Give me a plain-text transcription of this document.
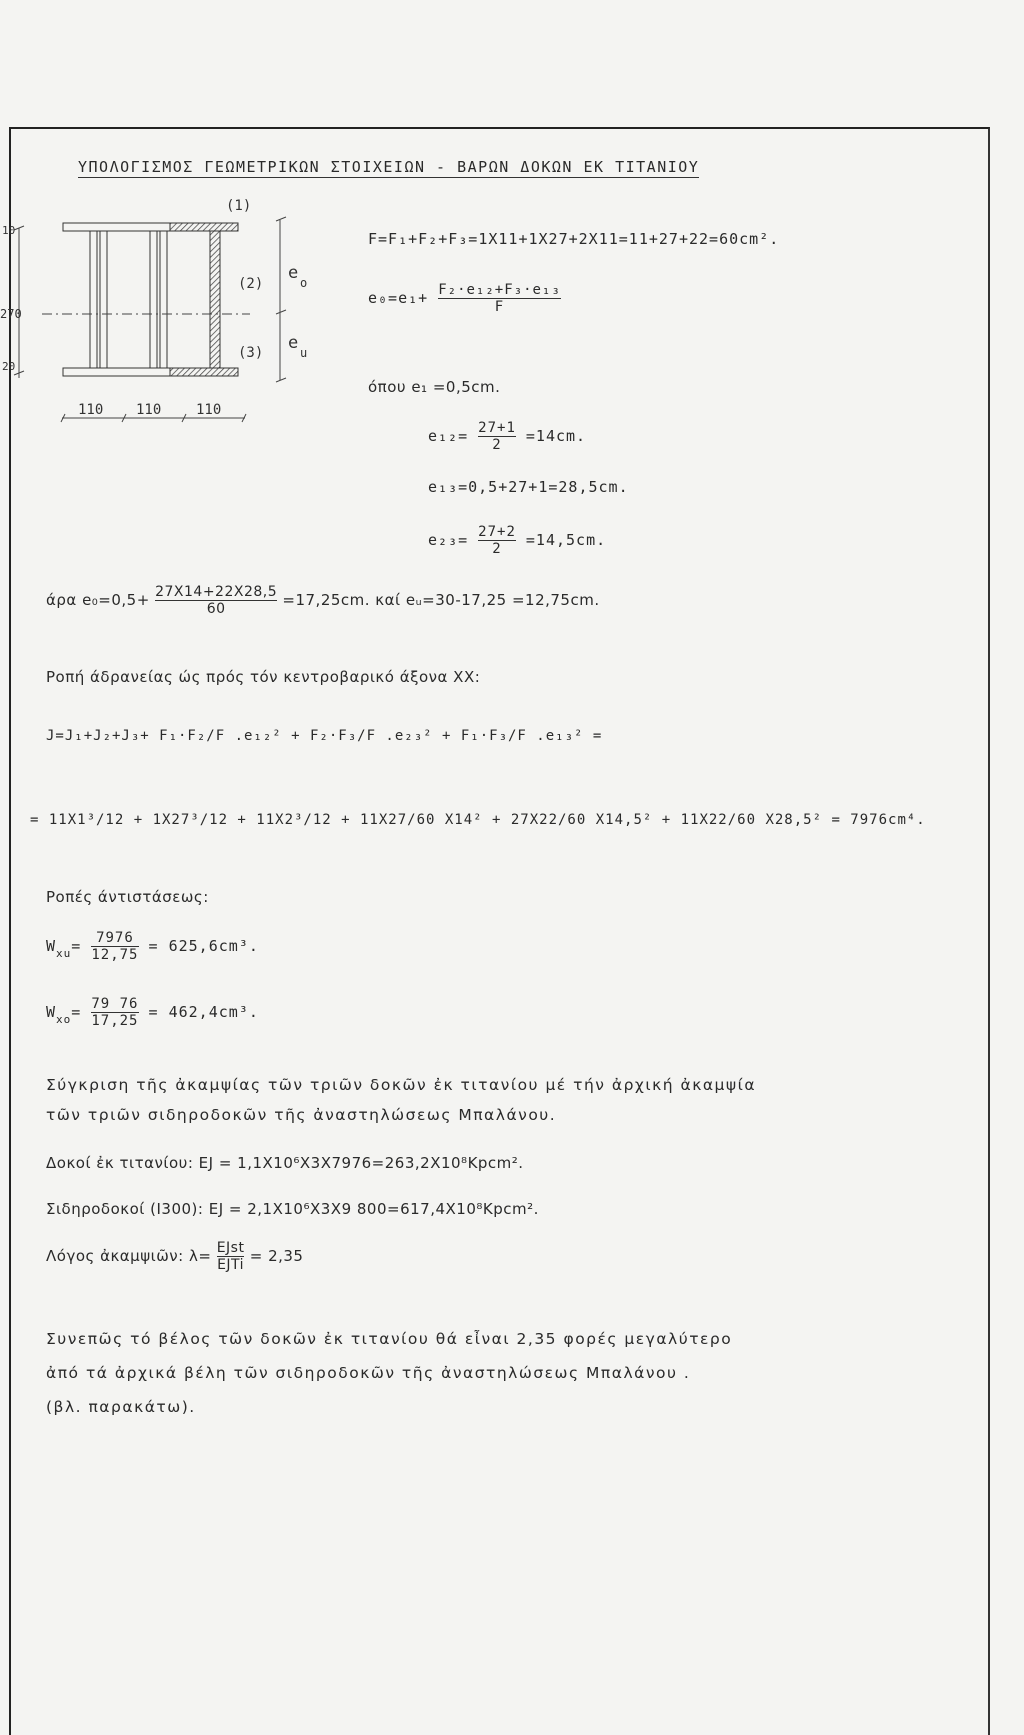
ΥΠΟΛΟΓΙΣΜΟΣ ΓΕΩΜΕΤΡΙΚΩΝ ΣΤΟΙΧΕΙΩΝ - ΒΑΡΩΝ ΔΟΚΩΝ ΕΚ ΤΙΤΑΝΙΟΥ
10
270
20
(1)
(2)
(3)
e o
e u
110 110 110
F=F₁+F₂+F₃=1X11+1X27+2X11=11+27+22=60cm².
$e_0=e_1+ \frac{\text{F₂·e₁₂+F₃·e₁₃}}{F}$
όπου e₁ =0,5cm.
$e_{12}= \frac{27+1}{2} =14cm$.
e₁₃=0,5+27+1=28,5cm.
$e_{23}= \frac{27+2}{2} =14,5cm$.
άρα $e_0=0,5+ \frac{27X14+22X28,5}{60} =17,25cm$. καί eᵤ=30-17,25 =12,75cm.
Ροπή άδρανείας ώς πρός τόν κεντροβαρικό άξονα ΧΧ:
J=J₁+J₂+J₃+ F₁·F₂/F .e₁₂² + F₂·F₃/F .e₂₃² + F₁·F₃/F .e₁₃² =
= 11X1³/12 + 1X27³/12 + 11X2³/12 + 11X27/60 X14² + 27X22/60 X14,5² + 11X22/60 X28,5² = 7976cm⁴.
Ροπές άντιστάσεως:
$W_{xu}= \frac{7976}{12,75} = 625,6cm^3$.
$W_{xo}= \frac{79 76}{17,25} = 462,4cm^3$.
Σύγκριση τῆς ἀκαμψίας τῶν τριῶν δοκῶν ἐκ τιτανίου μέ τήν ἀρχική ἀκαμψία
τῶν τριῶν σιδηροδοκῶν τῆς ἀναστηλώσεως Μπαλάνου.
Δοκοί ἐκ τιτανίου: EJ = 1,1X10⁶X3X7976=263,2X10⁸Kpcm².
Σιδηροδοκοί (I300): EJ = 2,1X10⁶X3X9 800=617,4X10⁸Kpcm².
Λόγος ἀκαμψιῶν: $\lambda= \frac{\text{EJst}}{\text{EJTi}} = 2,35$
Συνεπῶς τό βέλος τῶν δοκῶν ἐκ τιτανίου θά εἶναι 2,35 φορές μεγαλύτερο
ἀπό τά ἀρχικά βέλη τῶν σιδηροδοκῶν τῆς ἀναστηλώσεως Μπαλάνου .
(βλ. παρακάτω).
